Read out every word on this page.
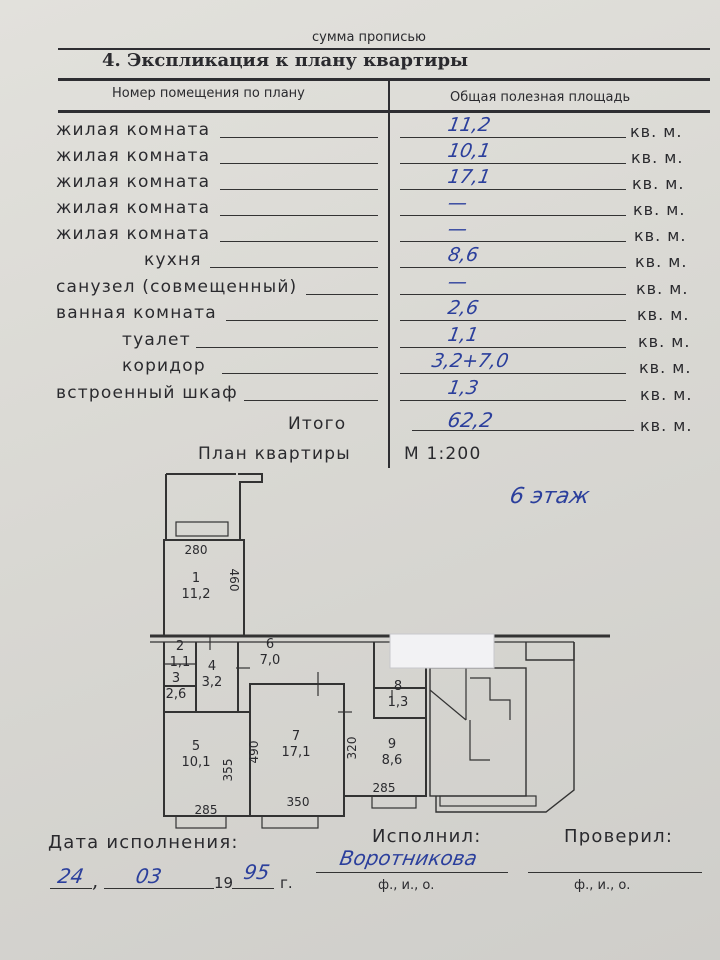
сумма прописью
4. Экспликация к плану квартиры
Номер помещения по плану	Общая полезная площадь
жилая комната	11,2	кв. м.
жилая комната	10,1	кв. м.
жилая комната	17,1	кв. м.
жилая комната	—	кв. м.
жилая комната	—	кв. м.
кухня	8,6	кв. м.
санузел (совмещенный)	—	кв. м.
ванная комната	2,6	кв. м.
туалет	1,1	кв. м.
коридор	3,2+7,0	кв. м.
встроенный шкаф	1,3	кв. м.
Итого	62,2	кв. м.
План квартиры	М 1:200
6 этаж
1
11,2
2
1,1
3
2,6
4
3,2
5
10,1
6
7,0
7
17,1
8
1,3
9
8,6
280
460
490
355
285
350
285
320
Дата исполнения:
24 , 03	19 95 г.
Исполнил:
Воротникова
ф., и., о.
Проверил:
ф., и., о.
